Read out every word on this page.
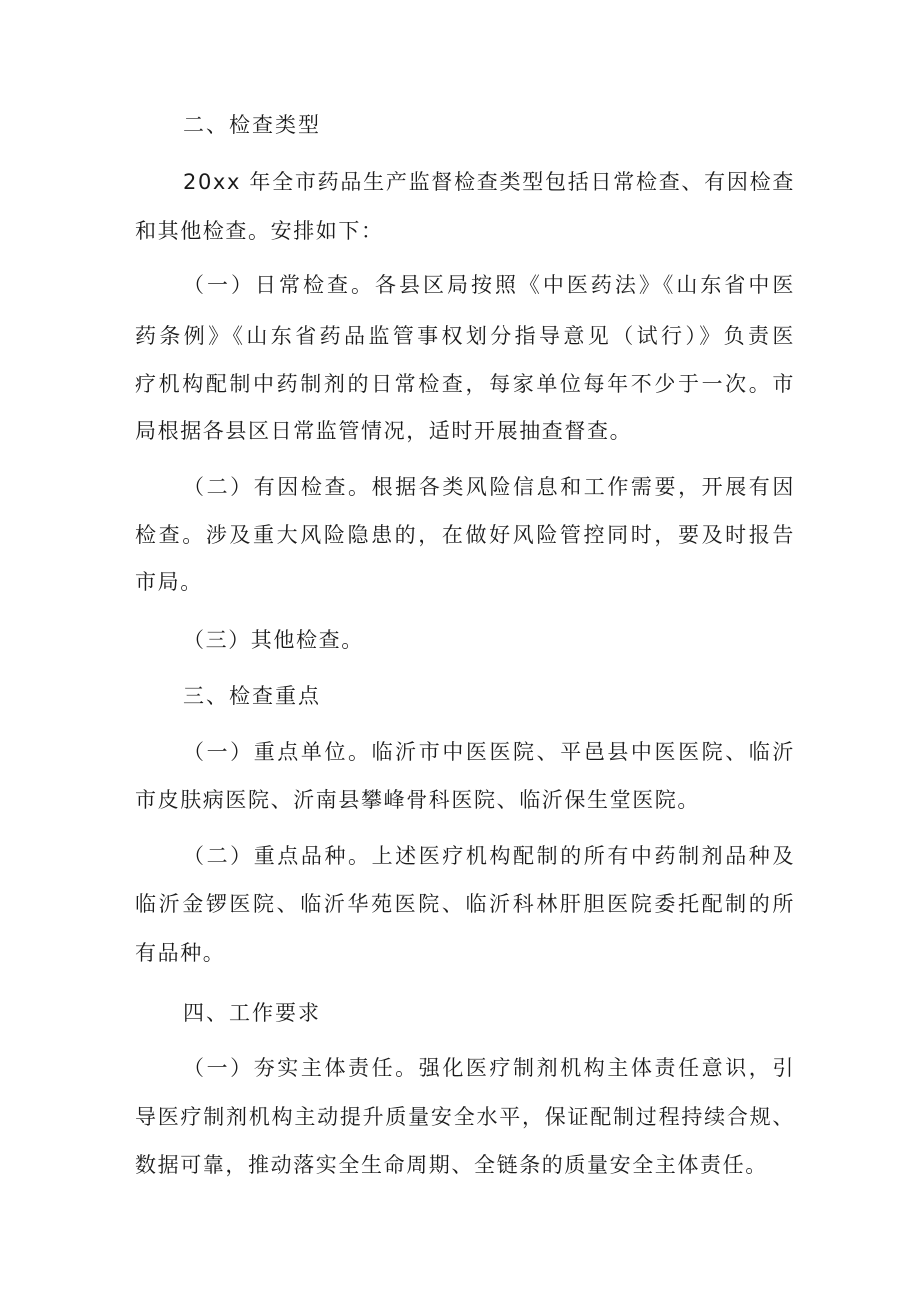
二、检查类型
20xx 年全市药品生产监督检查类型包括日常检查、有因检查
和其他检查。安排如下：
（一）日常检查。各县区局按照《中医药法》《山东省中医
药条例》《山东省药品监管事权划分指导意见（试行）》负责医
疗机构配制中药制剂的日常检查，每家单位每年不少于一次。市
局根据各县区日常监管情况，适时开展抽查督查。
（二）有因检查。根据各类风险信息和工作需要，开展有因
检查。涉及重大风险隐患的，在做好风险管控同时，要及时报告
市局。
（三）其他检查。
三、检查重点
（一）重点单位。临沂市中医医院、平邑县中医医院、临沂
市皮肤病医院、沂南县攀峰骨科医院、临沂保生堂医院。
（二）重点品种。上述医疗机构配制的所有中药制剂品种及
临沂金锣医院、临沂华苑医院、临沂科林肝胆医院委托配制的所
有品种。
四、工作要求
（一）夯实主体责任。强化医疗制剂机构主体责任意识，引
导医疗制剂机构主动提升质量安全水平，保证配制过程持续合规、
数据可靠，推动落实全生命周期、全链条的质量安全主体责任。
